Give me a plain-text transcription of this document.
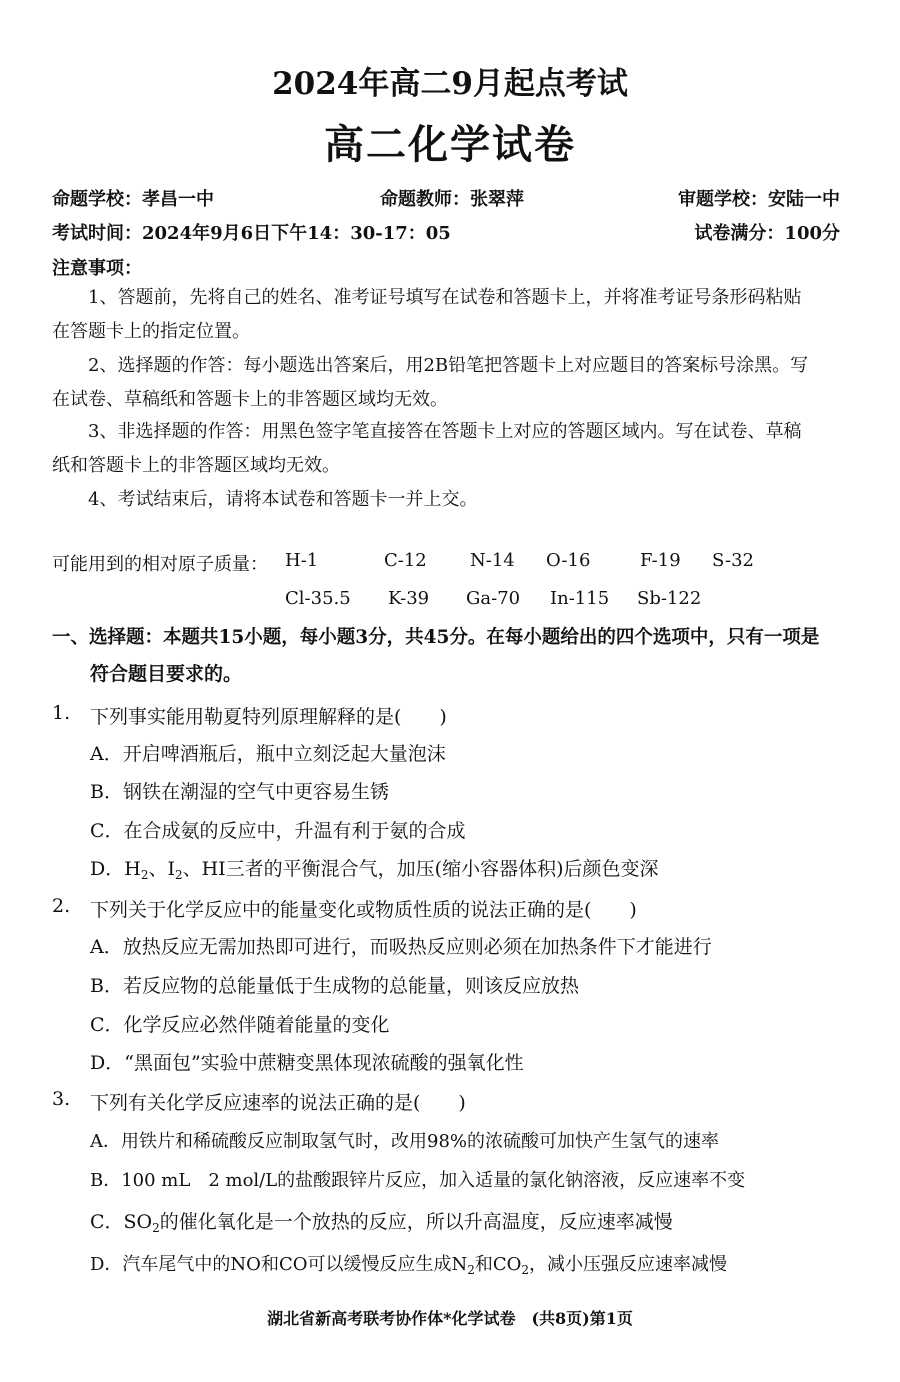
2024年高二9月起点考试
高二化学试卷
命题学校：孝昌一中	命题教师：张翠萍	审题学校：安陆一中
考试时间：2024年9月6日下午14：30-17：05	试卷满分：100分
注意事项：
1、答题前，先将自己的姓名、准考证号填写在试卷和答题卡上，并将准考证号条形码粘贴
在答题卡上的指定位置。
2、选择题的作答：每小题选出答案后，用2B铅笔把答题卡上对应题目的答案标号涂黑。写
在试卷、草稿纸和答题卡上的非答题区域均无效。
3、非选择题的作答：用黑色签字笔直接答在答题卡上对应的答题区域内。写在试卷、草稿
纸和答题卡上的非答题区域均无效。
4、考试结束后，请将本试卷和答题卡一并上交。
可能用到的相对原子质量： H-1	C-12 N-14 O-16	F-19 S-32
Cl-35.5 K-39 Ga-70 In-115 Sb-122
一、选择题：本题共15小题，每小题3分，共45分。在每小题给出的四个选项中，只有一项是
符合题目要求的。
1. 下列事实能用勒夏特列原理解释的是(　　)
A．开启啤酒瓶后，瓶中立刻泛起大量泡沫
B．钢铁在潮湿的空气中更容易生锈
C．在合成氨的反应中，升温有利于氨的合成
D．$H_2$、$I_2$、HI三者的平衡混合气，加压(缩小容器体积)后颜色变深
2. 下列关于化学反应中的能量变化或物质性质的说法正确的是(　　)
A．放热反应无需加热即可进行，而吸热反应则必须在加热条件下才能进行
B．若反应物的总能量低于生成物的总能量，则该反应放热
C．化学反应必然伴随着能量的变化
D．“黑面包”实验中蔗糖变黑体现浓硫酸的强氧化性
3. 下列有关化学反应速率的说法正确的是(　　)
A．用铁片和稀硫酸反应制取氢气时，改用98%的浓硫酸可加快产生氢气的速率
B．100 mL　2 mol/L的盐酸跟锌片反应，加入适量的氯化钠溶液，反应速率不变
C．$SO_2$的催化氧化是一个放热的反应，所以升高温度，反应速率减慢
D．汽车尾气中的NO和CO可以缓慢反应生成$N_2$和$CO_2$，减小压强反应速率减慢
湖北省新高考联考协作体*化学试卷　(共8页)第1页
